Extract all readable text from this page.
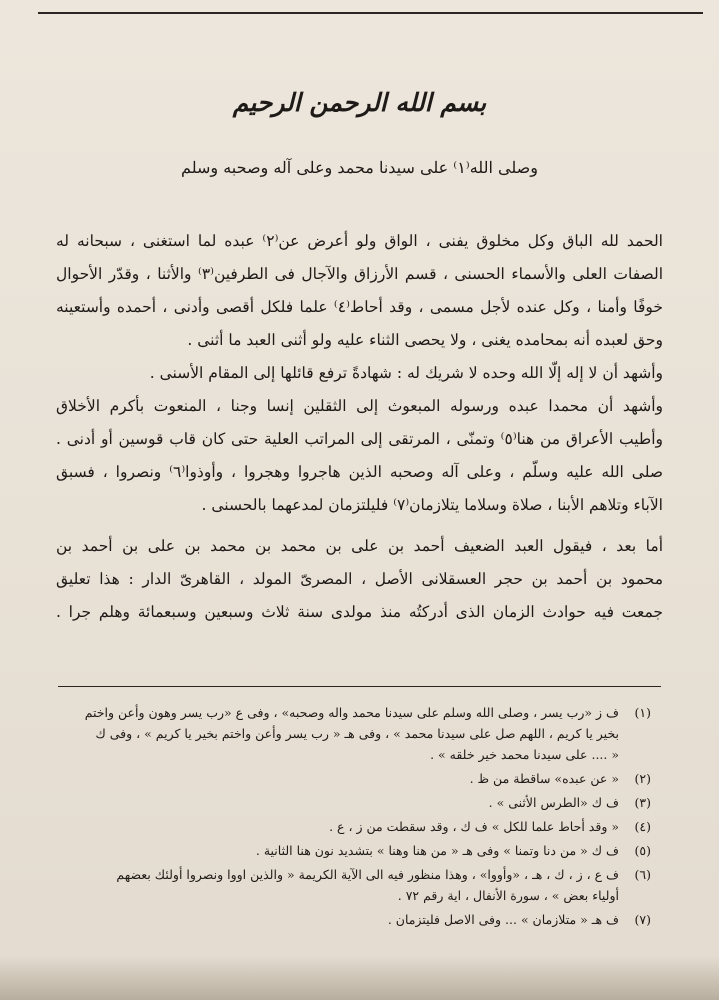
بسم الله الرحمن الرحيم
وصلى الله⁽١⁾ على سيدنا محمد وعلى آله وصحبه وسلم
الحمد لله الباق وكل مخلوق يفنى ، الواق ولو أعرض عن⁽٢⁾ عبده لما استغنى ، سبحانه له
الصفات العلى والأسماء الحسنى ، قسم الأرزاق والآجال فى الطرفين⁽٣⁾ والأثنا ، وقدّر الأحوال
خوفًا وأمنا ، وكل عنده لأجل مسمى ، وقد أحاط⁽٤⁾ علما فلكل أقصى وأدنى ، أحمده وأستعينه
وحق لعبده أنه بمحامده يغنى ، ولا يحصى الثناء عليه ولو أثنى العبد ما أثنى .
وأشهد أن لا إله إلّا الله وحده لا شريك له : شهادةً ترفع قائلها إلى المقام الأسنى .
وأشهد أن محمدا عبده ورسوله المبعوث إلى الثقلين إنسا وجنا ، المنعوت بأكرم الأخلاق
وأطيب الأعراق من هنا⁽٥⁾ وتمنّى ، المرتقى إلى المراتب العلية حتى كان قاب قوسين أو أدنى .
صلى الله عليه وسلّم ، وعلى آله وصحبه الذين هاجروا وهجروا ، وأوذوا⁽٦⁾ ونصروا ، فسبق
الآباء وتلاهم الأبنا ، صلاة وسلاما يتلازمان⁽٧⁾ فليلتزمان لمدعهما بالحسنى .
أما بعد ، فيقول العبد الضعيف أحمد بن على بن محمد بن محمد بن على بن أحمد بن
محمود بن أحمد بن حجر العسقلانى الأصل ، المصرىّ المولد ، القاهرىّ الدار : هذا تعليق
جمعت فيه حوادث الزمان الذى أدركتُه منذ مولدى سنة ثلاث وسبعين وسبعمائة وهلم جرا .
(١)
ف ز «رب يسر ، وصلى الله وسلم على سيدنا محمد واله وصحبه» ، وفى ع «رب يسر وهون وأعن واختم
بخير يا كريم ، اللهم صل على سيدنا محمد » ، وفى هـ « رب يسر وأعن واختم بخير يا كريم » ، وفى ك
« .... على سيدنا محمد خير خلقه » .
(٢)
« عن عبده» ساقطة من ظ .
(٣)
ف ك «الطرس الأثنى » .
(٤)
« وقد أحاط علما للكل » ف ك ، وقد سقطت من ز ، ع .
(٥)
ف ك « من دنا وتمنا » وفى هـ « من هنا وهنا » بتشديد نون هنا الثانية .
(٦)
ف ع ، ز ، ك ، هـ ، «وأووا» ، وهذا منظور فيه الى الآية الكريمة « والذين اووا ونصروا أولئك بعضهم
أولياء بعض » ، سورة الأنفال ، اية رقم ٧٢ .
(٧)
ف هـ « متلازمان » ... وفى الاصل فليتزمان .
